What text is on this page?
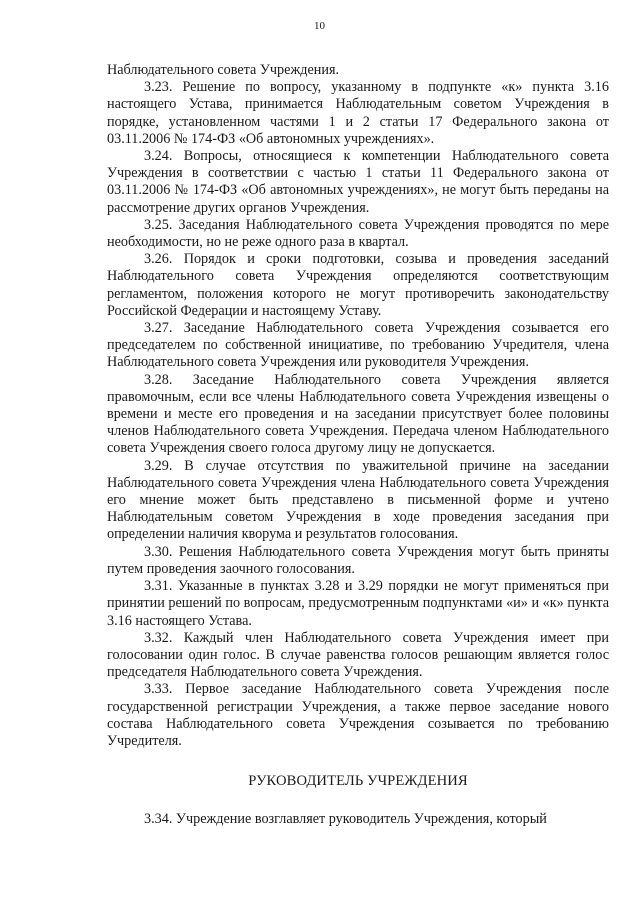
10

Наблюдательного совета Учреждения.

3.23. Решение по вопросу, указанному в подпункте «к» пункта 3.16 настоящего Устава, принимается Наблюдательным советом Учреждения в порядке, установленном частями 1 и 2 статьи 17 Федерального закона от 03.11.2006 № 174-ФЗ «Об автономных учреждениях».

3.24. Вопросы, относящиеся к компетенции Наблюдательного совета Учреждения в соответствии с частью 1 статьи 11 Федерального закона от 03.11.2006 № 174-ФЗ «Об автономных учреждениях», не могут быть переданы на рассмотрение других органов Учреждения.

3.25. Заседания Наблюдательного совета Учреждения проводятся по мере необходимости, но не реже одного раза в квартал.

3.26. Порядок и сроки подготовки, созыва и проведения заседаний Наблюдательного совета Учреждения определяются соответствующим регламентом, положения которого не могут противоречить законодательству Российской Федерации и настоящему Уставу.

3.27. Заседание Наблюдательного совета Учреждения созывается его председателем по собственной инициативе, по требованию Учредителя, члена Наблюдательного совета Учреждения или руководителя Учреждения.

3.28. Заседание Наблюдательного совета Учреждения является правомочным, если все члены Наблюдательного совета Учреждения извещены о времени и месте его проведения и на заседании присутствует более половины членов Наблюдательного совета Учреждения. Передача членом Наблюдательного совета Учреждения своего голоса другому лицу не допускается.

3.29. В случае отсутствия по уважительной причине на заседании Наблюдательного совета Учреждения члена Наблюдательного совета Учреждения его мнение может быть представлено в письменной форме и учтено Наблюдательным советом Учреждения в ходе проведения заседания при определении наличия кворума и результатов голосования.

3.30. Решения Наблюдательного совета Учреждения могут быть приняты путем проведения заочного голосования.

3.31. Указанные в пунктах 3.28 и 3.29 порядки не могут применяться при принятии решений по вопросам, предусмотренным подпунктами «и» и «к» пункта 3.16 настоящего Устава.

3.32. Каждый член Наблюдательного совета Учреждения имеет при голосовании один голос. В случае равенства голосов решающим является голос председателя Наблюдательного совета Учреждения.

3.33. Первое заседание Наблюдательного совета Учреждения после государственной регистрации Учреждения, а также первое заседание нового состава Наблюдательного совета Учреждения созывается по требованию Учредителя.

РУКОВОДИТЕЛЬ УЧРЕЖДЕНИЯ

3.34. Учреждение возглавляет руководитель Учреждения, который
